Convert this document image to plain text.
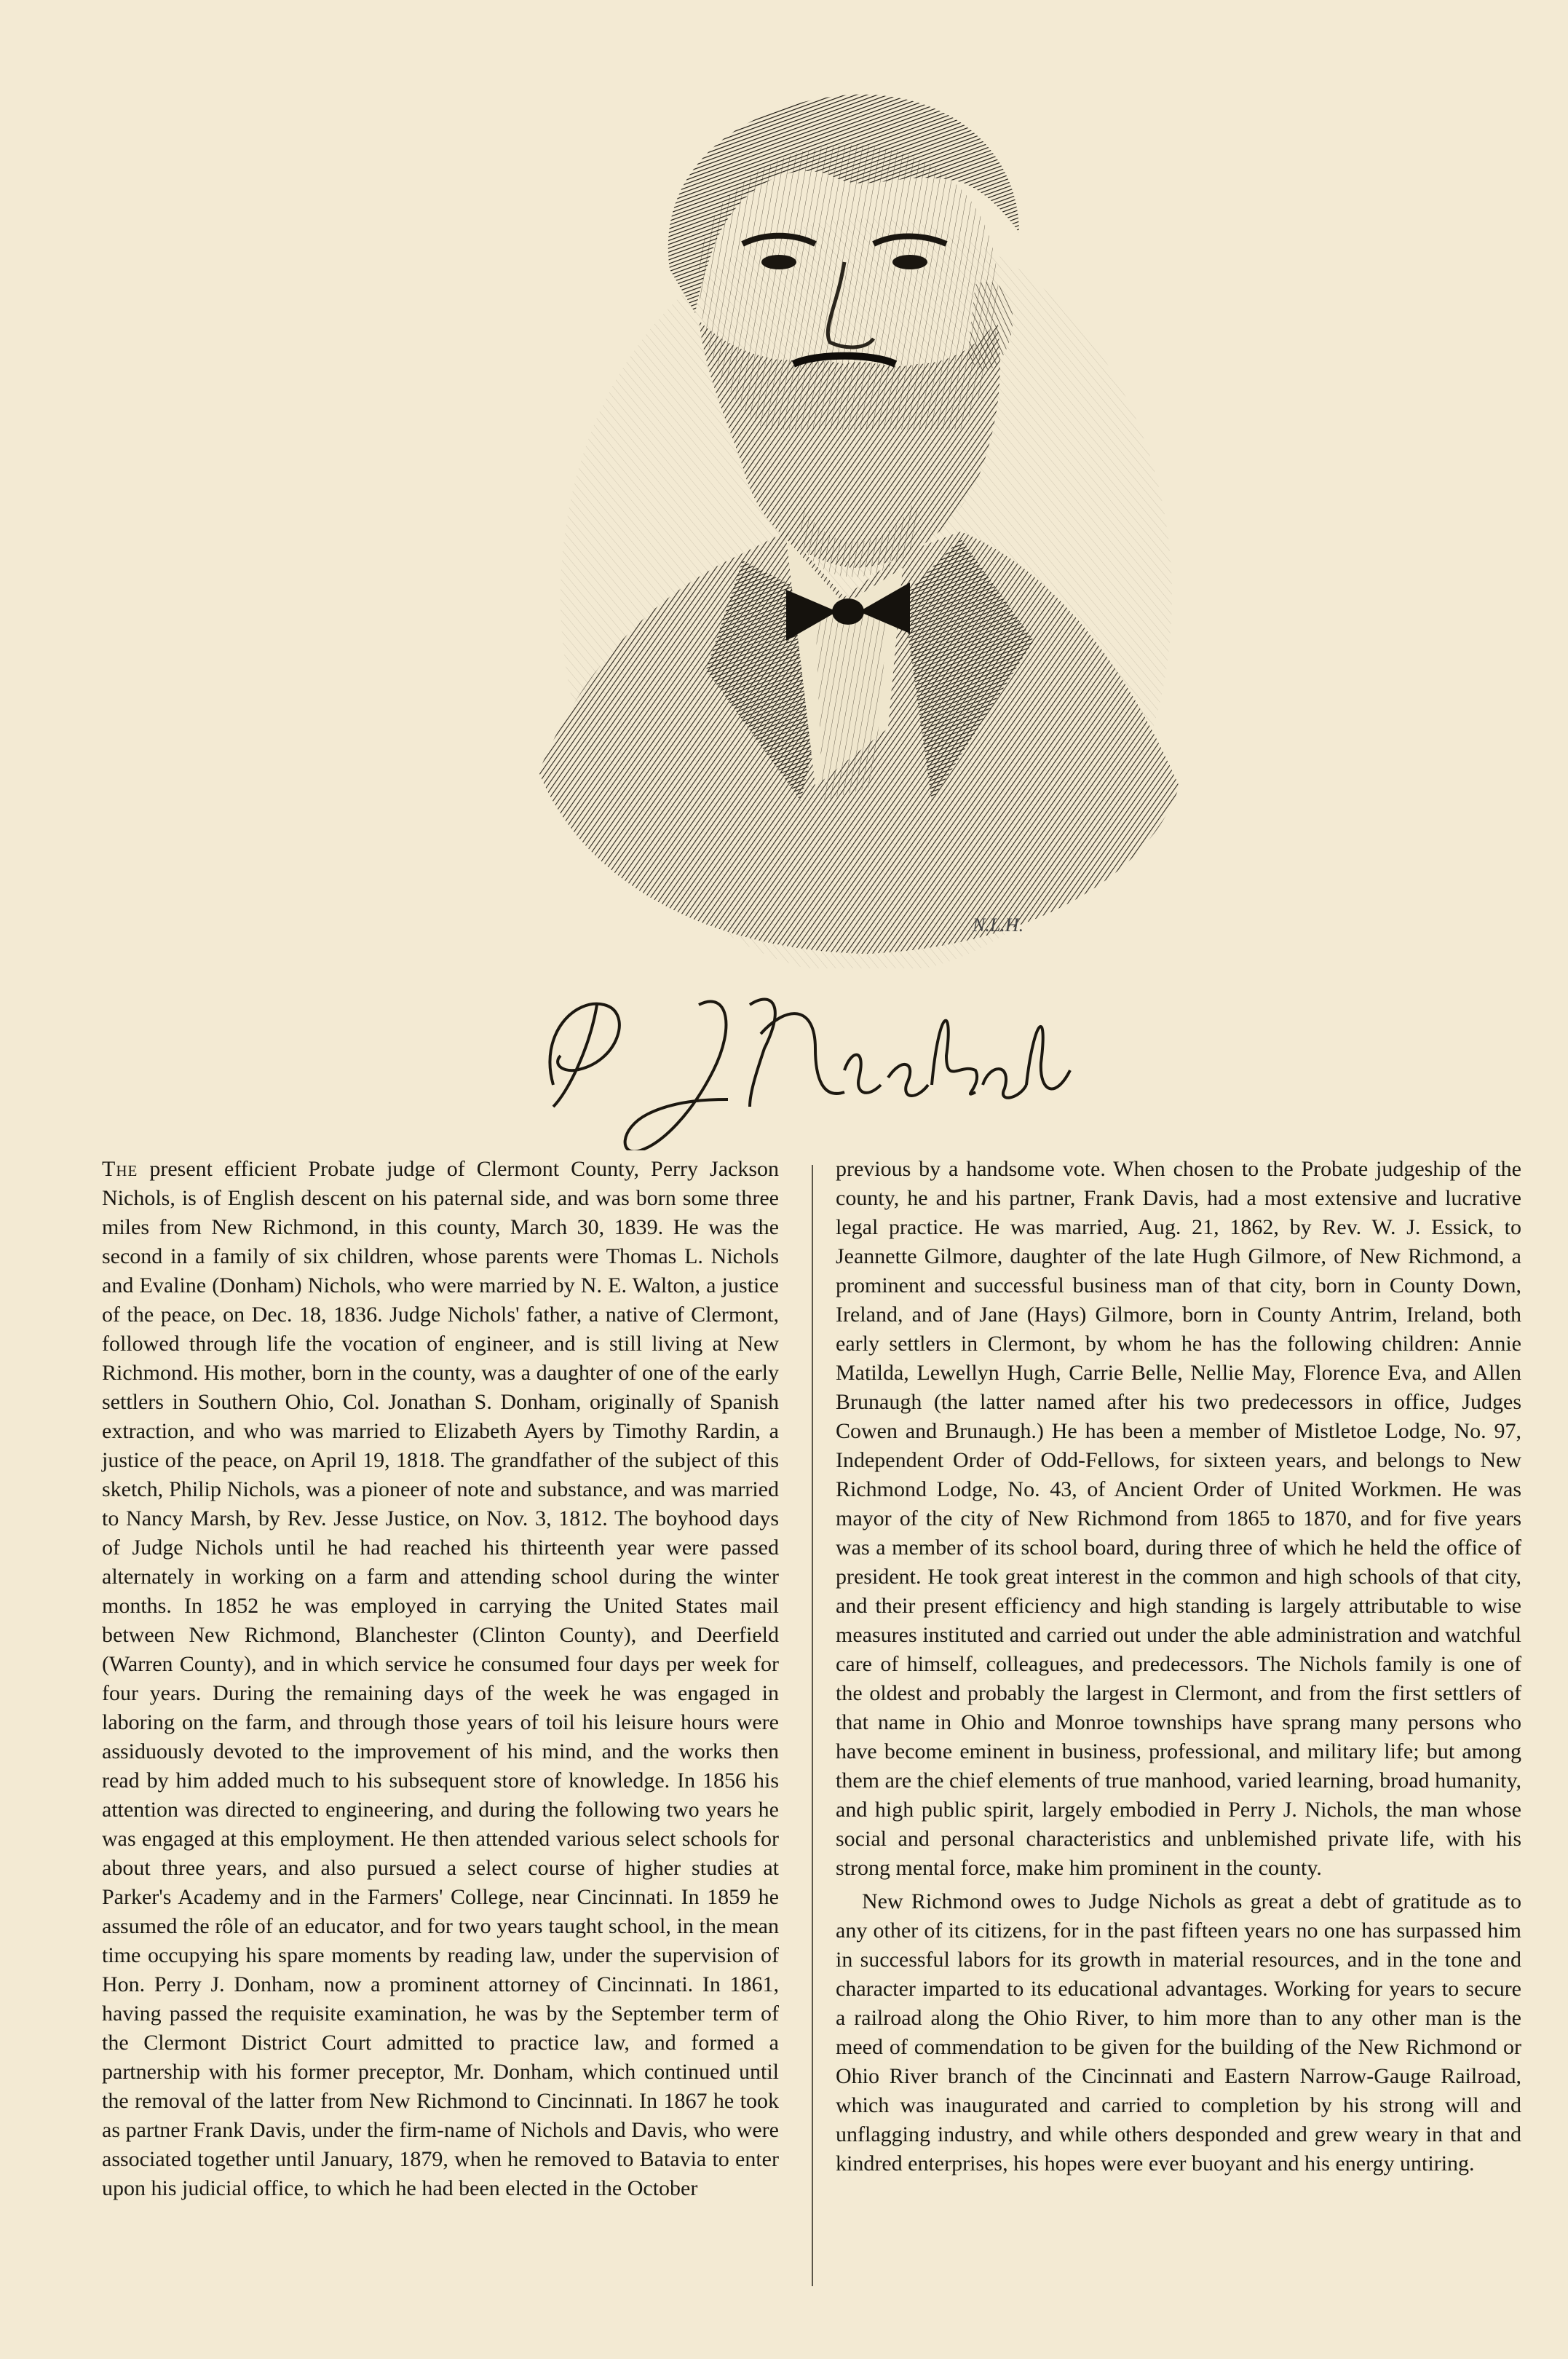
N.L.H.
P. J. Nichols

The present efficient Probate judge of Clermont County, Perry Jackson Nichols, is of English descent on his paternal side, and was born some three miles from New Richmond, in this county, March 30, 1839. He was the second in a family of six children, whose parents were Thomas L. Nichols and Evaline (Donham) Nichols, who were married by N. E. Walton, a justice of the peace, on Dec. 18, 1836. Judge Nichols' father, a native of Clermont, followed through life the vocation of engineer, and is still living at New Richmond. His mother, born in the county, was a daughter of one of the early settlers in Southern Ohio, Col. Jonathan S. Donham, originally of Spanish extraction, and who was married to Elizabeth Ayers by Timothy Rardin, a justice of the peace, on April 19, 1818. The grandfather of the subject of this sketch, Philip Nichols, was a pioneer of note and substance, and was married to Nancy Marsh, by Rev. Jesse Justice, on Nov. 3, 1812. The boyhood days of Judge Nichols until he had reached his thirteenth year were passed alternately in working on a farm and attending school during the winter months. In 1852 he was employed in carrying the United States mail between New Richmond, Blanchester (Clinton County), and Deerfield (Warren County), and in which service he consumed four days per week for four years. During the remaining days of the week he was engaged in laboring on the farm, and through those years of toil his leisure hours were assiduously devoted to the improvement of his mind, and the works then read by him added much to his subsequent store of knowledge. In 1856 his attention was directed to engineering, and during the following two years he was engaged at this employment. He then attended various select schools for about three years, and also pursued a select course of higher studies at Parker's Academy and in the Farmers' College, near Cincinnati. In 1859 he assumed the rôle of an educator, and for two years taught school, in the mean time occupying his spare moments by reading law, under the supervision of Hon. Perry J. Donham, now a prominent attorney of Cincinnati. In 1861, having passed the requisite examination, he was by the September term of the Clermont District Court admitted to practice law, and formed a partnership with his former preceptor, Mr. Donham, which continued until the removal of the latter from New Richmond to Cincinnati. In 1867 he took as partner Frank Davis, under the firm-name of Nichols and Davis, who were associated together until January, 1879, when he removed to Batavia to enter upon his judicial office, to which he had been elected in the October

previous by a handsome vote. When chosen to the Probate judgeship of the county, he and his partner, Frank Davis, had a most extensive and lucrative legal practice. He was married, Aug. 21, 1862, by Rev. W. J. Essick, to Jeannette Gilmore, daughter of the late Hugh Gilmore, of New Richmond, a prominent and successful business man of that city, born in County Down, Ireland, and of Jane (Hays) Gilmore, born in County Antrim, Ireland, both early settlers in Clermont, by whom he has the following children: Annie Matilda, Lewellyn Hugh, Carrie Belle, Nellie May, Florence Eva, and Allen Brunaugh (the latter named after his two predecessors in office, Judges Cowen and Brunaugh.) He has been a member of Mistletoe Lodge, No. 97, Independent Order of Odd-Fellows, for sixteen years, and belongs to New Richmond Lodge, No. 43, of Ancient Order of United Workmen. He was mayor of the city of New Richmond from 1865 to 1870, and for five years was a member of its school board, during three of which he held the office of president. He took great interest in the common and high schools of that city, and their present efficiency and high standing is largely attributable to wise measures instituted and carried out under the able administration and watchful care of himself, colleagues, and predecessors. The Nichols family is one of the oldest and probably the largest in Clermont, and from the first settlers of that name in Ohio and Monroe townships have sprang many persons who have become eminent in business, professional, and military life; but among them are the chief elements of true manhood, varied learning, broad humanity, and high public spirit, largely embodied in Perry J. Nichols, the man whose social and personal characteristics and unblemished private life, with his strong mental force, make him prominent in the county.

New Richmond owes to Judge Nichols as great a debt of gratitude as to any other of its citizens, for in the past fifteen years no one has surpassed him in successful labors for its growth in material resources, and in the tone and character imparted to its educational advantages. Working for years to secure a railroad along the Ohio River, to him more than to any other man is the meed of commendation to be given for the building of the New Richmond or Ohio River branch of the Cincinnati and Eastern Narrow-Gauge Railroad, which was inaugurated and carried to completion by his strong will and unflagging industry, and while others desponded and grew weary in that and kindred enterprises, his hopes were ever buoyant and his energy untiring.
